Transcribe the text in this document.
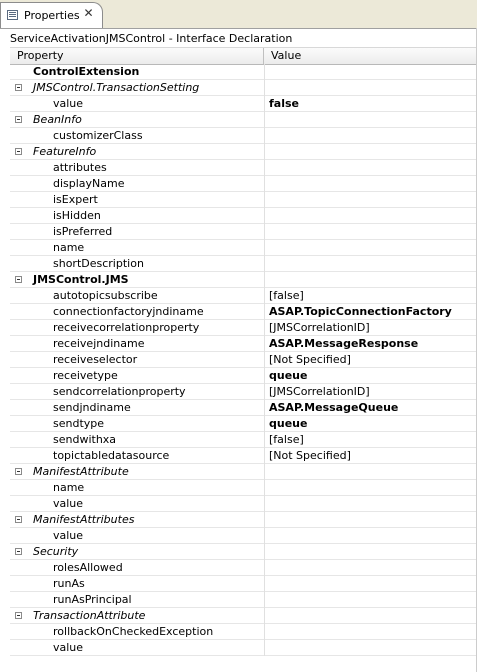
Properties ✕
ServiceActivationJMSControl - Interface Declaration
Property	Value
ControlExtension
JMSControl.TransactionSetting
value	false
BeanInfo
customizerClass
FeatureInfo
attributes
displayName
isExpert
isHidden
isPreferred
name
shortDescription
JMSControl.JMS
autotopicsubscribe	[false]
connectionfactoryjndiname	ASAP.TopicConnectionFactory
receivecorrelationproperty	[JMSCorrelationID]
receivejndiname	ASAP.MessageResponse
receiveselector	[Not Specified]
receivetype	queue
sendcorrelationproperty	[JMSCorrelationID]
sendjndiname	ASAP.MessageQueue
sendtype	queue
sendwithxa	[false]
topictabledatasource	[Not Specified]
ManifestAttribute
name
value
ManifestAttributes
value
Security
rolesAllowed
runAs
runAsPrincipal
TransactionAttribute
rollbackOnCheckedException
value
